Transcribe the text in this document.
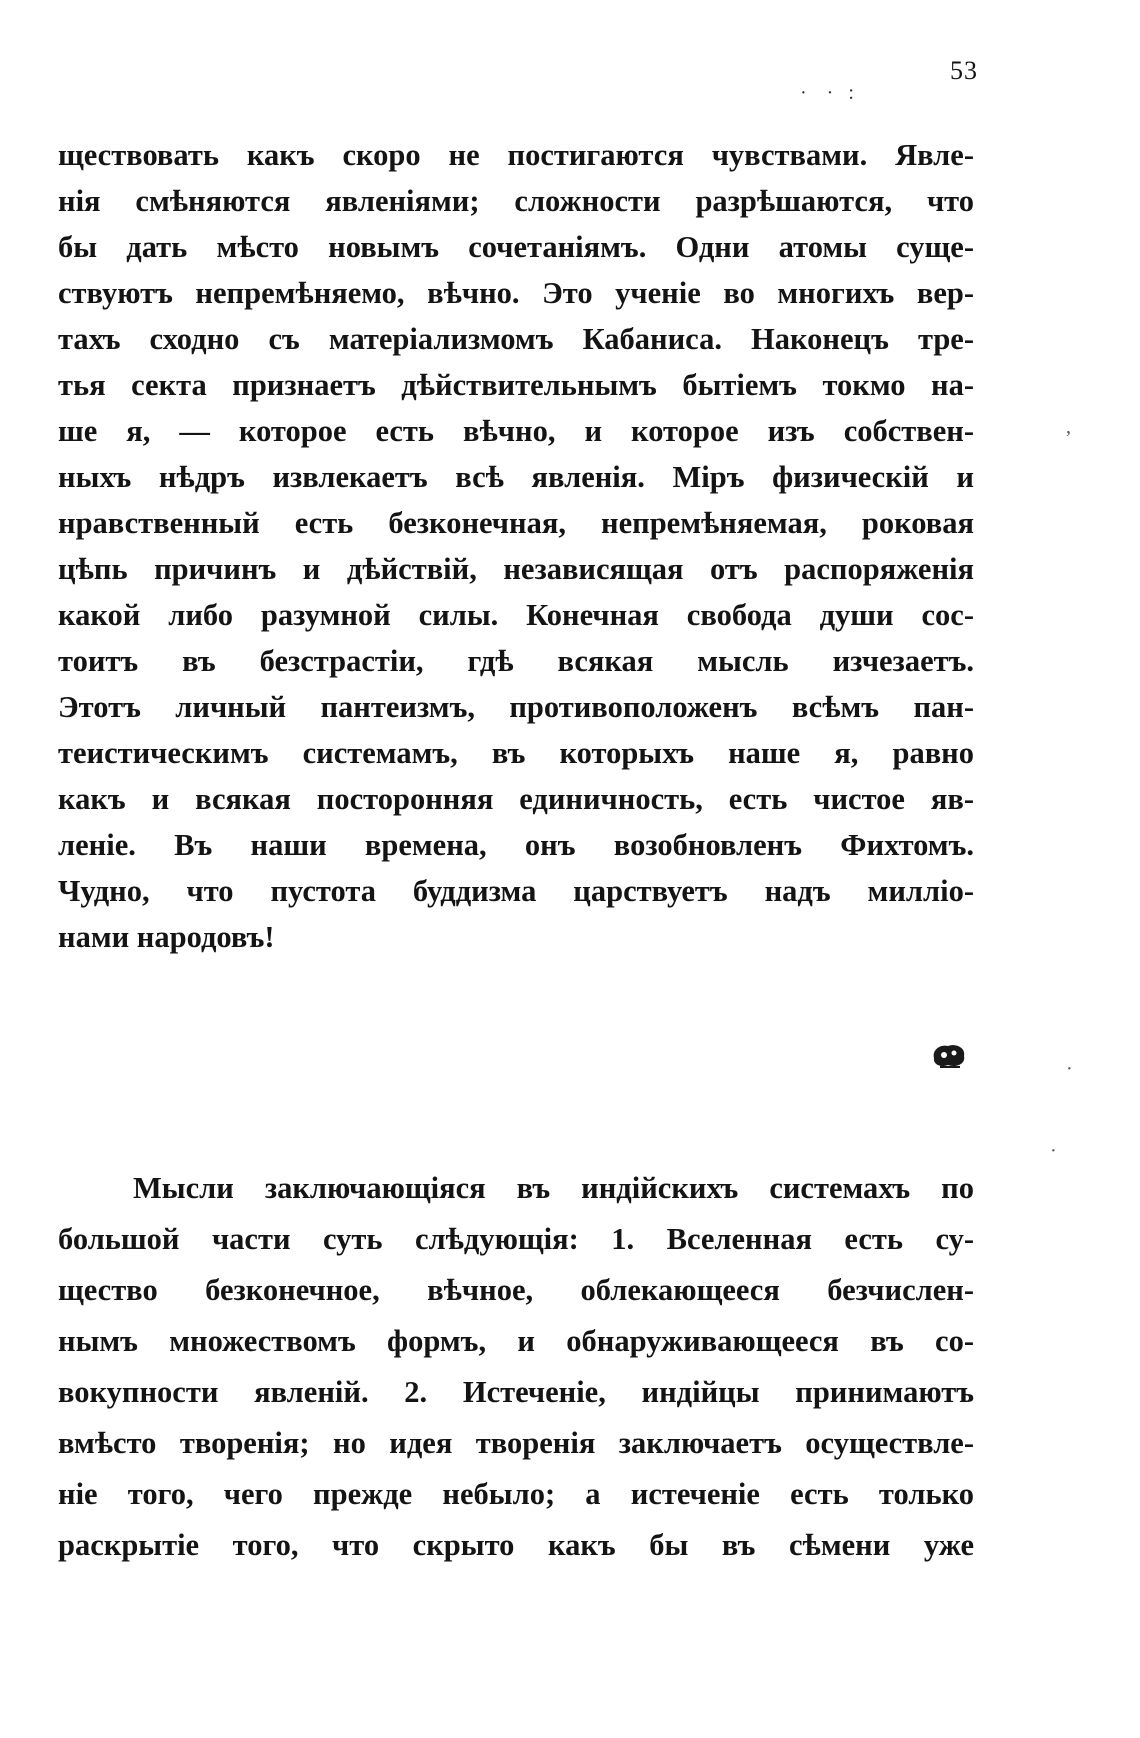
53
·    ·   :
ществовать какъ скоро не постигаются чувствами. Явле-
нія смѣняются явленіями; сложности разрѣшаются, что
бы дать мѣсто новымъ сочетаніямъ. Одни атомы суще-
ствуютъ непремѣняемо, вѣчно. Это ученіе во многихъ вер-
тахъ сходно съ матеріализмомъ Кабаниса. Наконецъ тре-
тья секта признаетъ дѣйствительнымъ бытіемъ токмо на-
ше я, — которое есть вѣчно, и которое изъ собствен-
ныхъ нѣдръ извлекаетъ всѣ явленія. Міръ физическій и
нравственный есть безконечная, непремѣняемая, роковая
цѣпь причинъ и дѣйствій, независящая отъ распоряженія
какой либо разумной силы. Конечная свобода души сос-
тоитъ въ безстрастіи, гдѣ всякая мысль изчезаетъ.
Этотъ личный пантеизмъ, противоположенъ всѣмъ пан-
теистическимъ системамъ, въ которыхъ наше я, равно
какъ и всякая посторонняя единичность, есть чистое яв-
леніе. Въ наши времена, онъ возобновленъ Фихтомъ.
Чудно, что пустота буддизма царствуетъ надъ милліо-
нами народовъ!
,
·
·
Мысли заключающіяся въ индійскихъ системахъ по
большой части суть слѣдующія: 1. Вселенная есть су-
щество безконечное, вѣчное, облекающееся безчислен-
нымъ множествомъ формъ, и обнаруживающееся въ со-
вокупности явленій. 2. Истеченіе, индійцы принимаютъ
вмѣсто творенія; но идея творенія заключаетъ осуществле-
ніе того, чего прежде небыло; а истеченіе есть только
раскрытіе того, что скрыто какъ бы въ сѣмени уже
